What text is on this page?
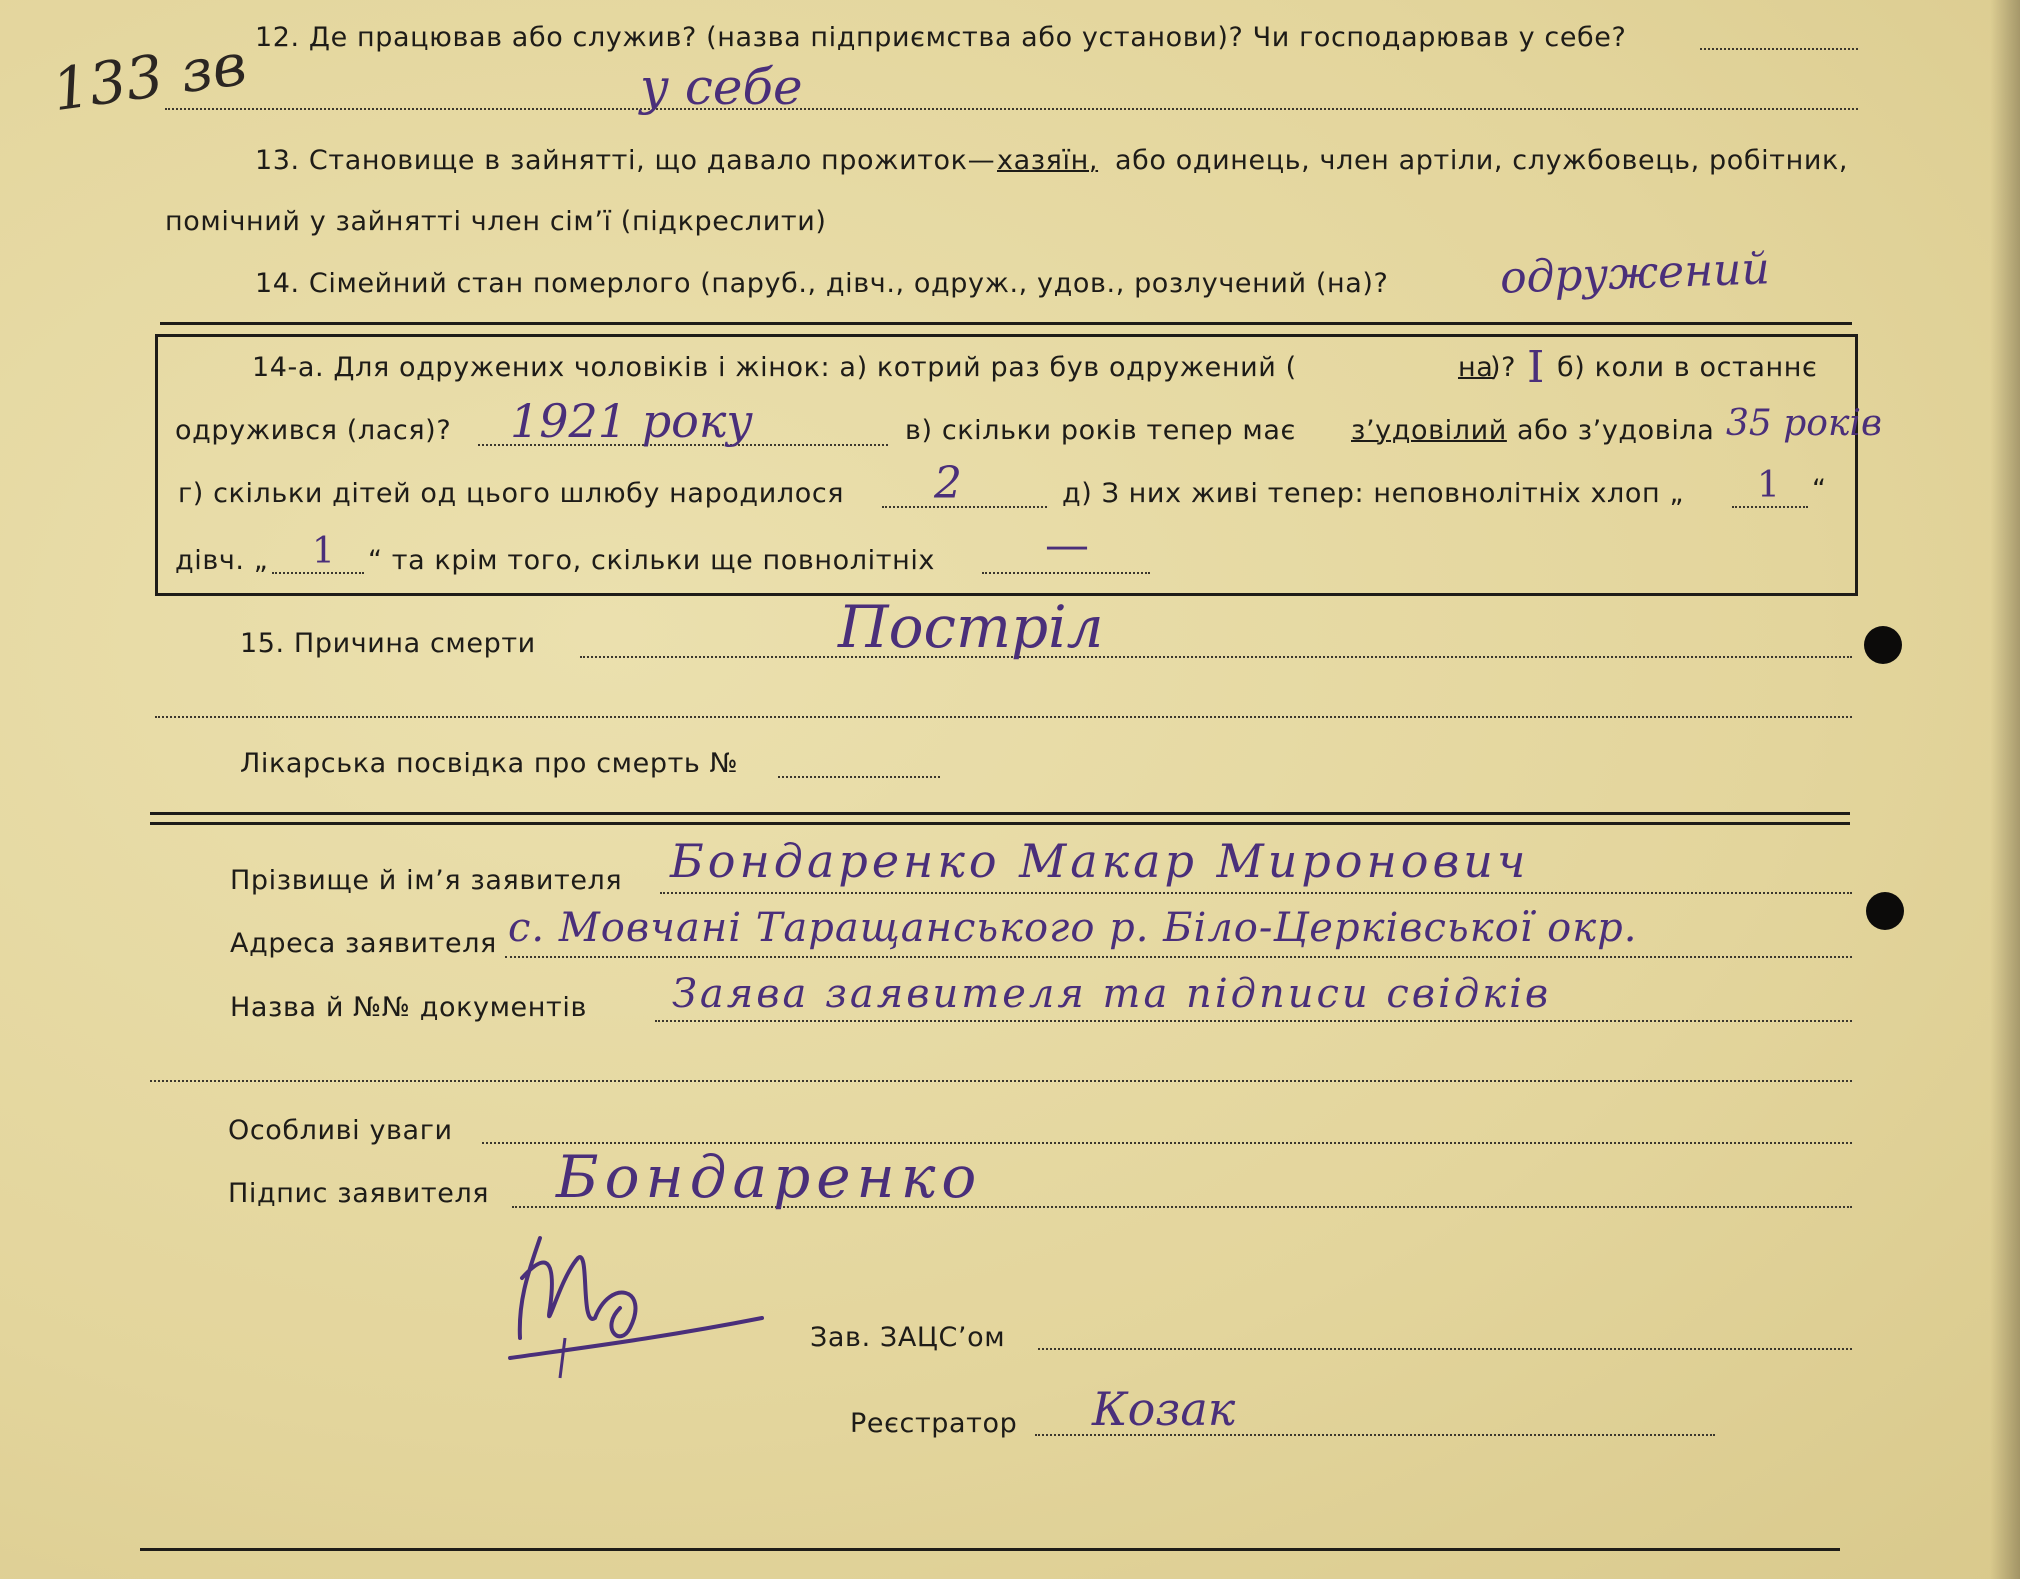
133 зв 12. Де працював або служив? (назва підприємства або установи)? Чи господарював у себе?
у себе
13. Становище в зайнятті, що давало прожиток— хазяїн, або одинець, член артіли, службовець, робітник,
помічний у зайнятті член сім’ї (підкреслити)
14. Сімейний стан померлого (паруб., дівч., одруж., удов., розлучений (на)?	одружений
14-а. Для одружених чоловіків і жінок: а) котрий раз був одружений (	на
)? I б) коли в останнє
одружився (лася)? 1921 року	в) скільки років тепер має з’удовілий або з’удовіла 35 років
г) скільки дітей од цього шлюбу народилося 2	д) З них живі тепер: неповнолітніх хлоп „ 1 “
дівч. „ 1 “ та крім того, скільки ще повнолітніх —
15. Причина смерти	Постріл
Лікарська посвідка про смерть №
Прізвище й ім’я заявителя Бондаренко Макар Миронович
Адреса заявителя с. Мовчані Таращанського р. Біло-Церківської окр.
Назва й №№ документів Заява заявителя та підписи свідків
Особливі уваги
Підпис заявителя Бондаренко
Зав. ЗАЦС’ом
Реєстратор Козак
